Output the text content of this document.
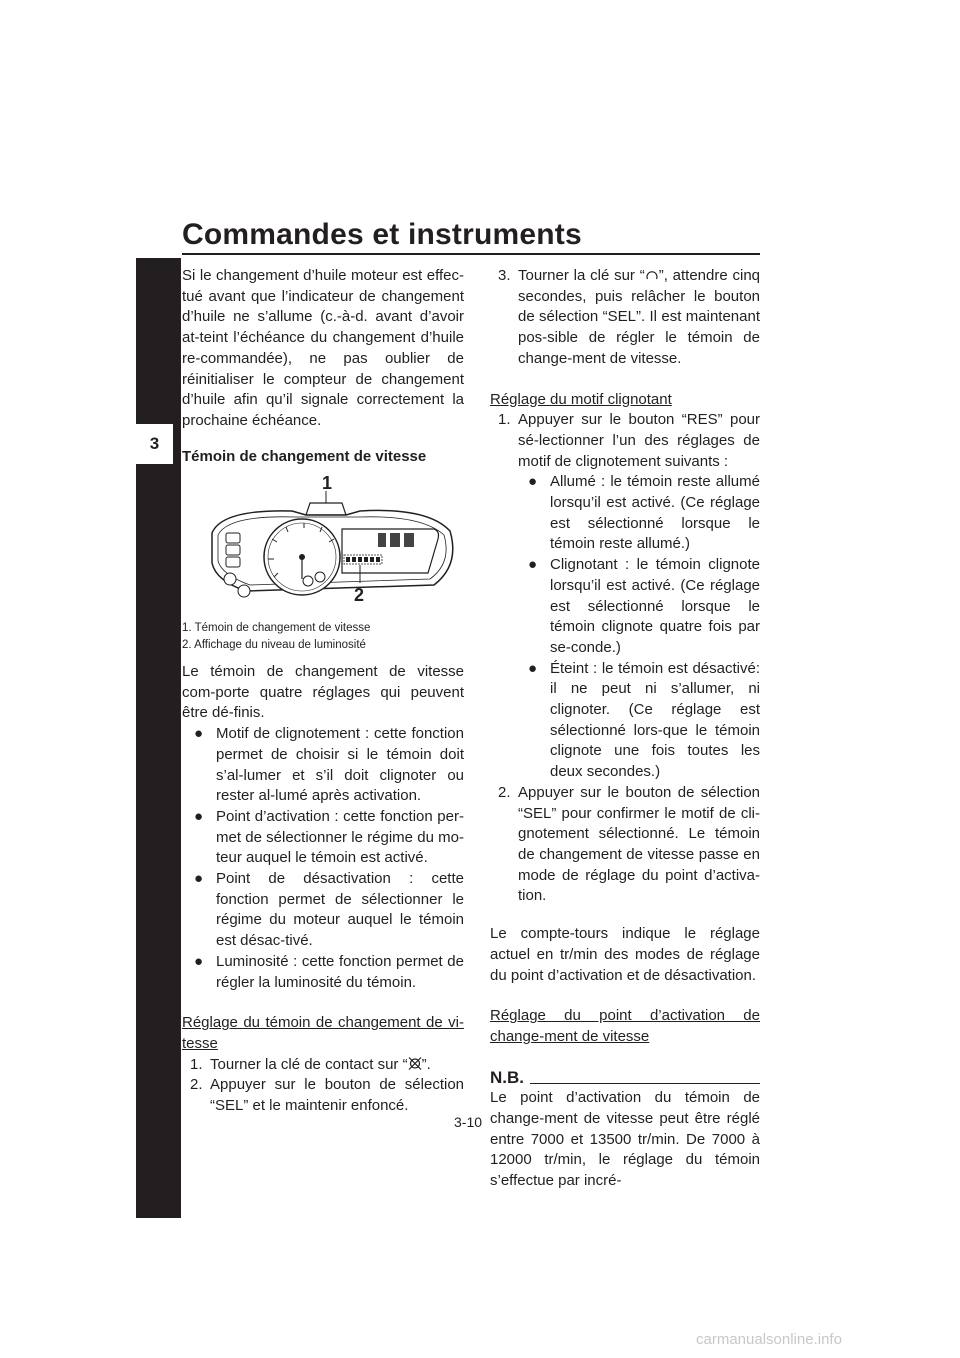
Commandes et instruments
3

Si le changement d’huile moteur est effec-tué avant que l’indicateur de changement d’huile ne s’allume (c.-à-d. avant d’avoir at-teint l’échéance du changement d’huile re-commandée), ne pas oublier de réinitialiser le compteur de changement d’huile afin qu’il signale correctement la prochaine échéance.

Témoin de changement de vitesse

1
2

1. Témoin de changement de vitesse

2. Affichage du niveau de luminosité

Le témoin de changement de vitesse com-porte quatre réglages qui peuvent être dé-finis.

● Motif de clignotement : cette fonction permet de choisir si le témoin doit s’al-lumer et s’il doit clignoter ou rester al-lumé après activation.

● Point d’activation : cette fonction per-met de sélectionner le régime du mo-teur auquel le témoin est activé.

● Point de désactivation : cette fonction permet de sélectionner le régime du moteur auquel le témoin est désac-tivé.

● Luminosité : cette fonction permet de régler la luminosité du témoin.

Réglage du témoin de changement de vi-tesse

1. Tourner la clé de contact sur “ ”.

2. Appuyer sur le bouton de sélection “SEL” et le maintenir enfoncé.

3. Tourner la clé sur “ ”, attendre cinq secondes, puis relâcher le bouton de sélection “SEL”. Il est maintenant pos-sible de régler le témoin de change-ment de vitesse.

Réglage du motif clignotant

1. Appuyer sur le bouton “RES” pour sé-lectionner l’un des réglages de motif de clignotement suivants :

● Allumé : le témoin reste allumé lorsqu’il est activé. (Ce réglage est sélectionné lorsque le témoin reste allumé.)

● Clignotant : le témoin clignote lorsqu’il est activé. (Ce réglage est sélectionné lorsque le témoin clignote quatre fois par se-conde.)

● Éteint : le témoin est désactivé: il ne peut ni s’allumer, ni clignoter. (Ce réglage est sélectionné lors-que le témoin clignote une fois toutes les deux secondes.)

2. Appuyer sur le bouton de sélection “SEL” pour confirmer le motif de cli-gnotement sélectionné. Le témoin de changement de vitesse passe en mode de réglage du point d’activa-tion.

Le compte-tours indique le réglage actuel en tr/min des modes de réglage du point d’activation et de désactivation.

Réglage du point d’activation de change-ment de vitesse

N.B.

Le point d’activation du témoin de change-ment de vitesse peut être réglé entre 7000 et 13500 tr/min. De 7000 à 12000 tr/min, le réglage du témoin s’effectue par incré-

3-10
carmanualsonline.info
